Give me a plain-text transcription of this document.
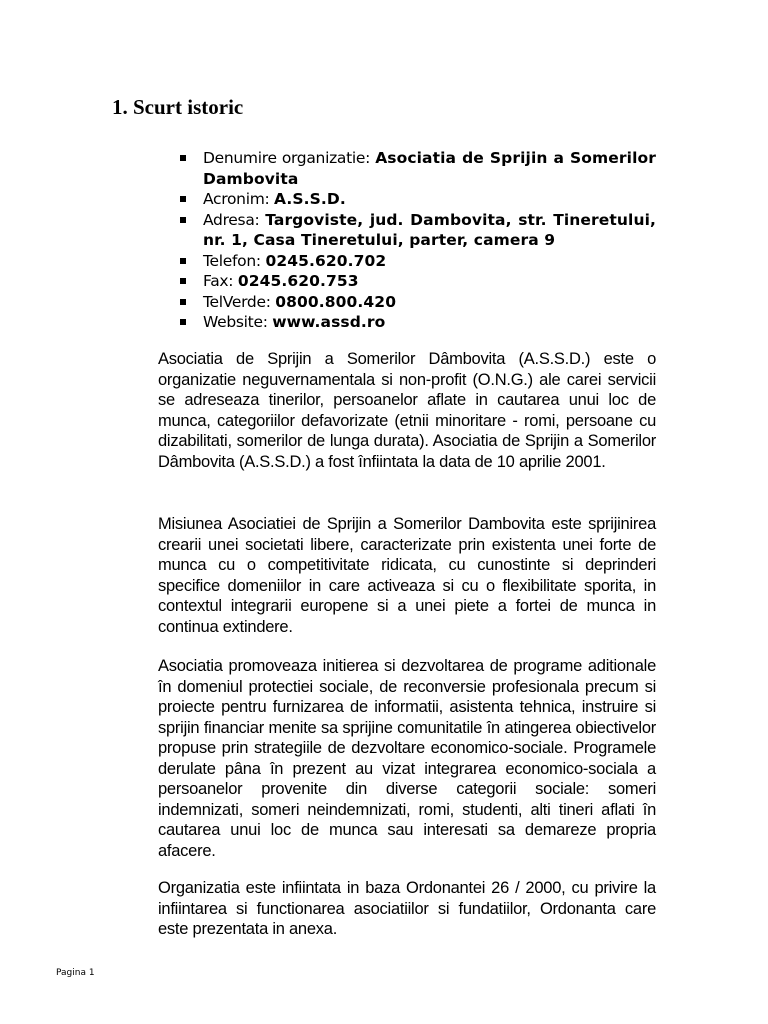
1. Scurt istoric
Denumire organizatie: Asociatia de Sprijin a Somerilor Dambovita
Acronim: A.S.S.D.
Adresa: Targoviste, jud. Dambovita, str. Tineretului, nr. 1, Casa Tineretului, parter, camera 9
Telefon: 0245.620.702
Fax: 0245.620.753
TelVerde: 0800.800.420
Website: www.assd.ro

Asociatia de Sprijin a Somerilor Dâmbovita (A.S.S.D.) este o organizatie neguvernamentala si non-profit (O.N.G.) ale carei servicii se adreseaza tinerilor, persoanelor aflate in cautarea unui loc de munca, categoriilor defavorizate (etnii minoritare - romi, persoane cu dizabilitati, somerilor de lunga durata). Asociatia de Sprijin a Somerilor Dâmbovita (A.S.S.D.) a fost înfiintata la data de 10 aprilie 2001.

Misiunea Asociatiei de Sprijin a Somerilor Dambovita este sprijinirea crearii unei societati libere, caracterizate prin existenta unei forte de munca cu o competitivitate ridicata, cu cunostinte si deprinderi specifice domeniilor in care activeaza si cu o flexibilitate sporita, in contextul integrarii europene si a unei piete a fortei de munca in continua extindere.

Asociatia promoveaza initierea si dezvoltarea de programe aditionale în domeniul protectiei sociale, de reconversie profesionala precum si proiecte pentru furnizarea de informatii, asistenta tehnica, instruire si sprijin financiar menite sa sprijine comunitatile în atingerea obiectivelor propuse prin strategiile de dezvoltare economico-sociale. Programele derulate pâna în prezent au vizat integrarea economico-sociala a persoanelor provenite din diverse categorii sociale: someri indemnizati, someri neindemnizati, romi, studenti, alti tineri aflati în cautarea unui loc de munca sau interesati sa demareze propria afacere.

Organizatia este infiintata in baza Ordonantei 26 / 2000, cu privire la infiintarea si functionarea asociatiilor si fundatiilor, Ordonanta care este prezentata in anexa.

Pagina 1
